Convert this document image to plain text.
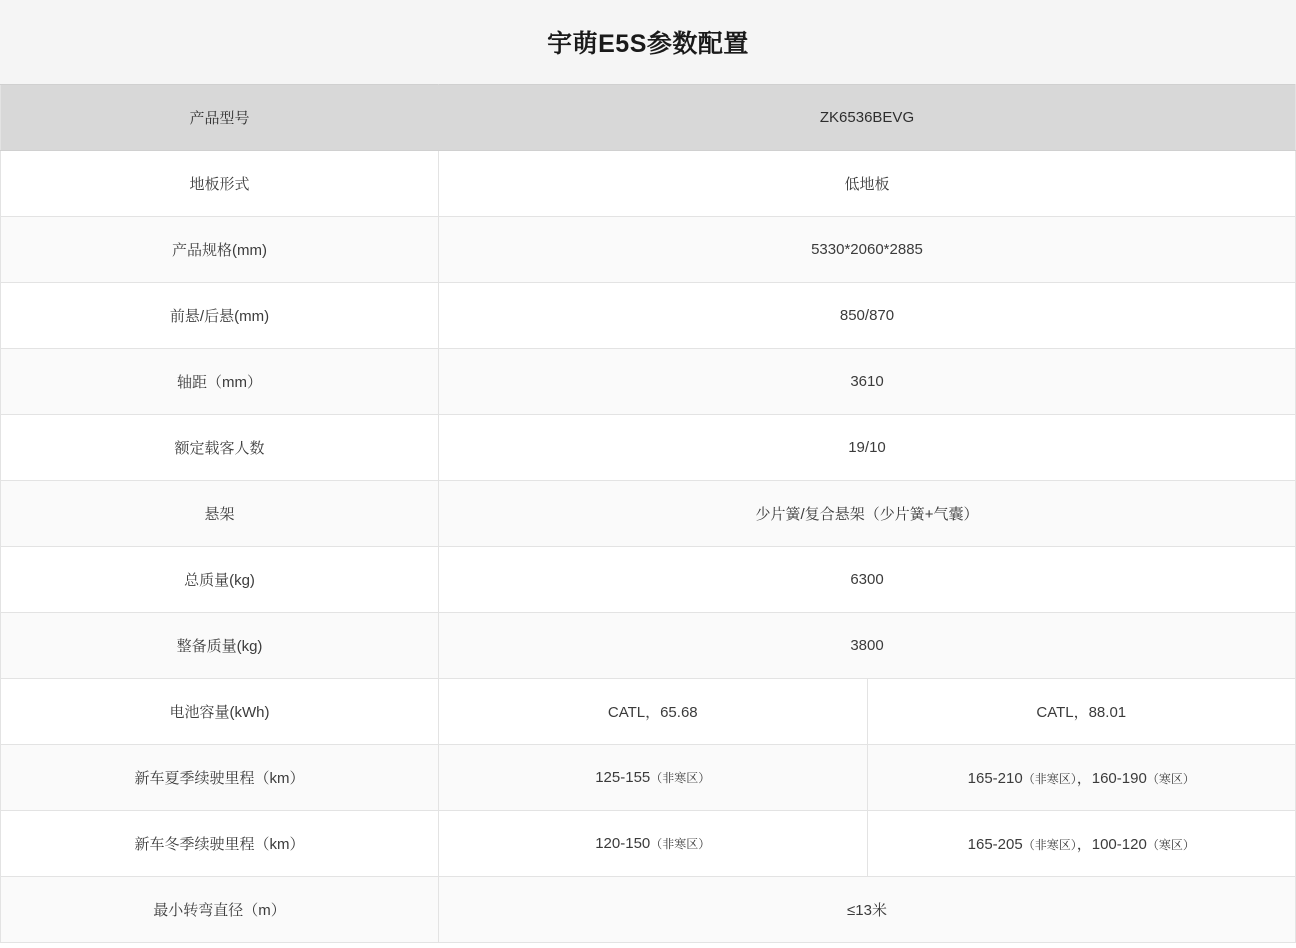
宇萌E5S参数配置
产品型号	ZK6536BEVG	
地板形式	低地板	
产品规格(mm)	5330*2060*2885	
前悬/后悬(mm)	850/870	
轴距（mm）	3610	
额定载客人数	19/10	
悬架	少片簧/复合悬架（少片簧+气囊）	
总质量(kg)	6300	
整备质量(kg)	3800	
电池容量(kWh)	CATL，65.68	CATL，88.01
新车夏季续驶里程（km）	125-155（非寒区）	165-210（非寒区），160-190（寒区）
新车冬季续驶里程（km）	120-150（非寒区）	165-205（非寒区），100-120（寒区）
最小转弯直径（m）	≤13米	
